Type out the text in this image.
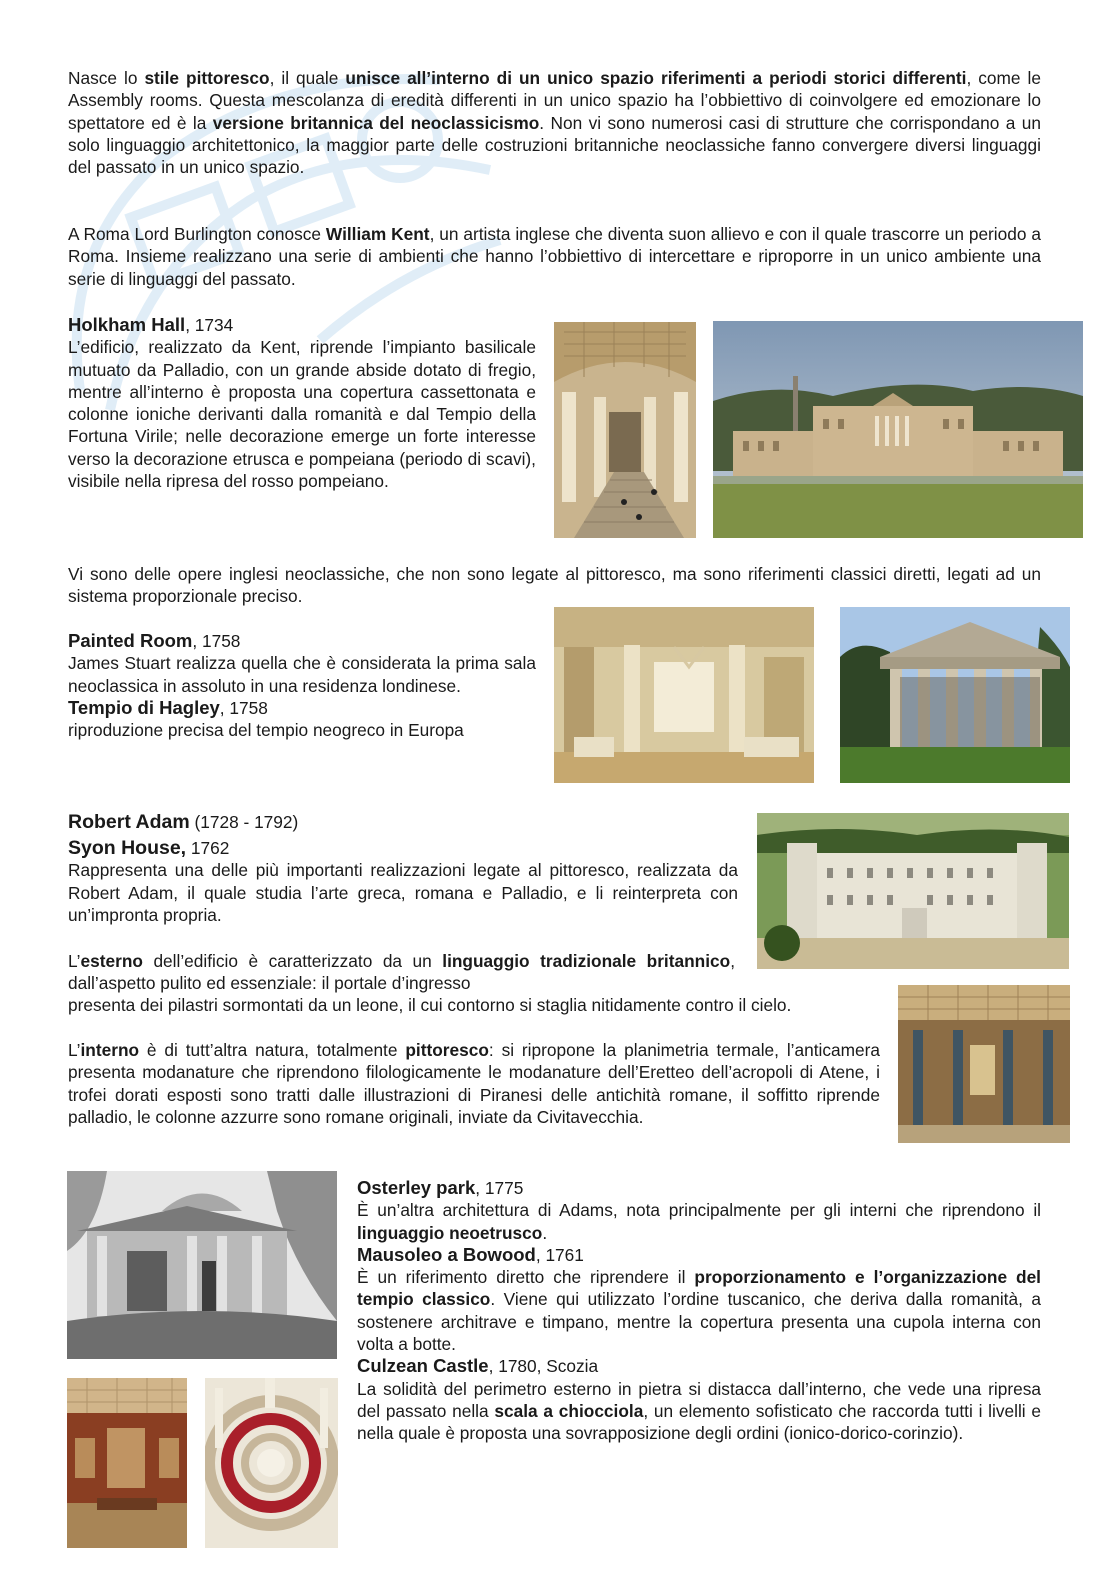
Nasce lo stile pittoresco, il quale unisce all’interno di un unico spazio riferimenti a periodi storici differenti, come le Assembly rooms. Questa mescolanza di eredità differenti in un unico spazio ha l’obbiettivo di coinvolgere ed emozionare lo spettatore ed è la versione britannica del neoclassicismo. Non vi sono numerosi casi di strutture che corrispondano a un solo linguaggio architettonico, la maggior parte delle costruzioni britanniche neoclassiche fanno convergere diversi linguaggi del passato in un unico spazio.
A Roma Lord Burlington conosce William Kent, un artista inglese che diventa suon allievo e con il quale trascorre un periodo a Roma. Insieme realizzano una serie di ambienti che hanno l’obbiettivo di intercettare e riproporre in un unico ambiente una serie di linguaggi del passato.
Holkham Hall, 1734
L’edificio, realizzato da Kent, riprende l’impianto basilicale mutuato da Palladio, con un grande abside dotato di fregio, mentre all’interno è proposta una copertura cassettonata e colonne ioniche derivanti dalla romanità e dal Tempio della Fortuna Virile; nelle decorazione emerge un forte interesse verso la decorazione etrusca e pompeiana (periodo di scavi), visibile nella ripresa del rosso pompeiano.
Vi sono delle opere inglesi neoclassiche, che non sono legate al pittoresco, ma sono riferimenti classici diretti, legati ad un sistema proporzionale preciso.
Painted Room, 1758
James Stuart realizza quella che è considerata la prima sala neoclassica in assoluto in una residenza londinese.
Tempio di Hagley, 1758
riproduzione precisa del tempio neogreco in Europa
Robert Adam (1728 - 1792)
Syon House, 1762
Rappresenta una delle più importanti realizzazioni legate al pittoresco, realizzata da Robert Adam, il quale studia l’arte greca, romana e Palladio, e li reinterpreta con un’impronta propria.
L’esterno dell’edificio è caratterizzato da un linguaggio tradizionale britannico, dall’aspetto pulito ed essenziale: il portale d’ingresso
presenta dei pilastri sormontati da un leone, il cui contorno si staglia nitidamente contro il cielo.
L’interno è di tutt’altra natura, totalmente pittoresco: si ripropone la planimetria termale, l’anticamera presenta modanature che riprendono filologicamente le modanature dell’Eretteo dell’acropoli di Atene, i trofei dorati esposti sono tratti dalle illustrazioni di Piranesi delle antichità romane, il soffitto riprende palladio, le colonne azzurre sono romane originali, inviate da Civitavecchia.
Osterley park, 1775
È un’altra architettura di Adams, nota principalmente per gli interni che riprendono il linguaggio neoetrusco.
Mausoleo a Bowood, 1761
È un riferimento diretto che riprendere il proporzionamento e l’organizzazione del tempio classico. Viene qui utilizzato l’ordine tuscanico, che deriva dalla romanità, a sostenere architrave e timpano, mentre la copertura presenta una cupola interna con volta a botte.
Culzean Castle, 1780, Scozia
La solidità del perimetro esterno in pietra si distacca dall’interno, che vede una ripresa del passato nella scala a chiocciola, un elemento sofisticato che raccorda tutti i livelli e nella quale è proposta una sovrapposizione degli ordini (ionico-dorico-corinzio).
